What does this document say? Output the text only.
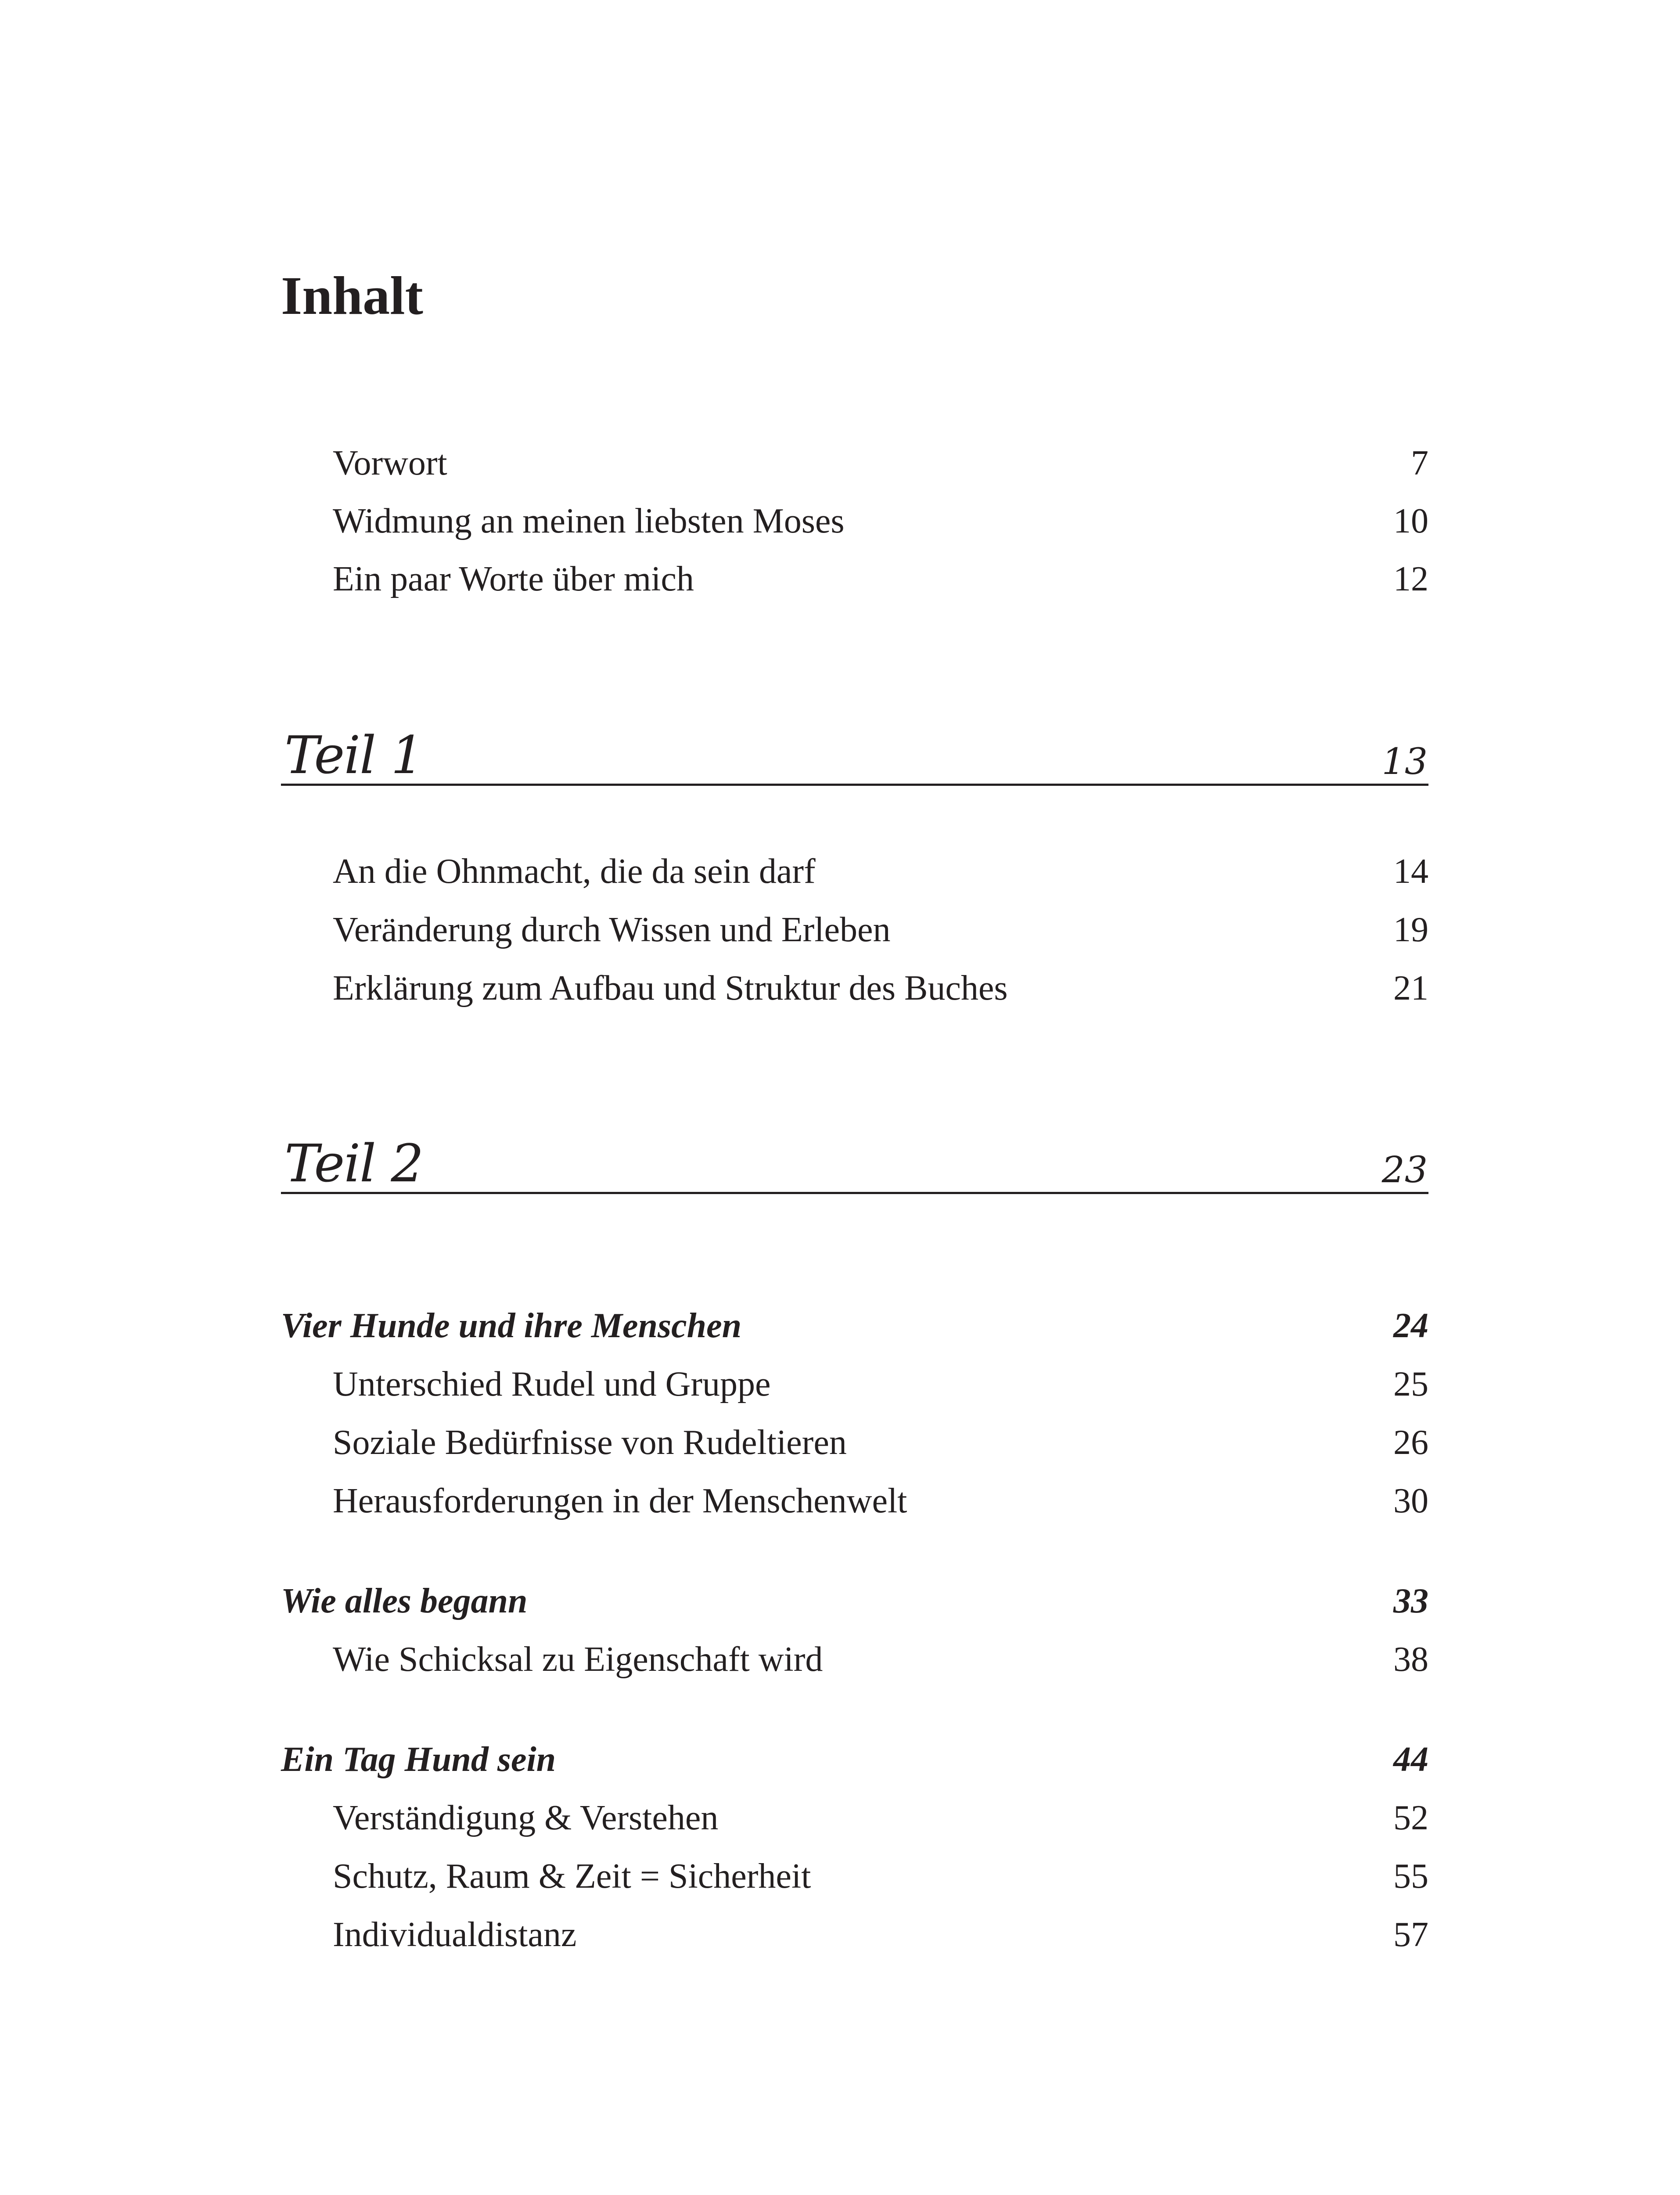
Inhalt
Vorwort	7
Widmung an meinen liebsten Moses	10
Ein paar Worte über mich	12
Teil 1	13
An die Ohnmacht, die da sein darf	14
Veränderung durch Wissen und Erleben	19
Erklärung zum Aufbau und Struktur des Buches	21
Teil 2	23
Vier Hunde und ihre Menschen	24
Unterschied Rudel und Gruppe	25
Soziale Bedürfnisse von Rudeltieren	26
Herausforderungen in der Menschenwelt	30
Wie alles begann	33
Wie Schicksal zu Eigenschaft wird	38
Ein Tag Hund sein	44
Verständigung & Verstehen	52
Schutz, Raum & Zeit = Sicherheit	55
Individualdistanz	57
